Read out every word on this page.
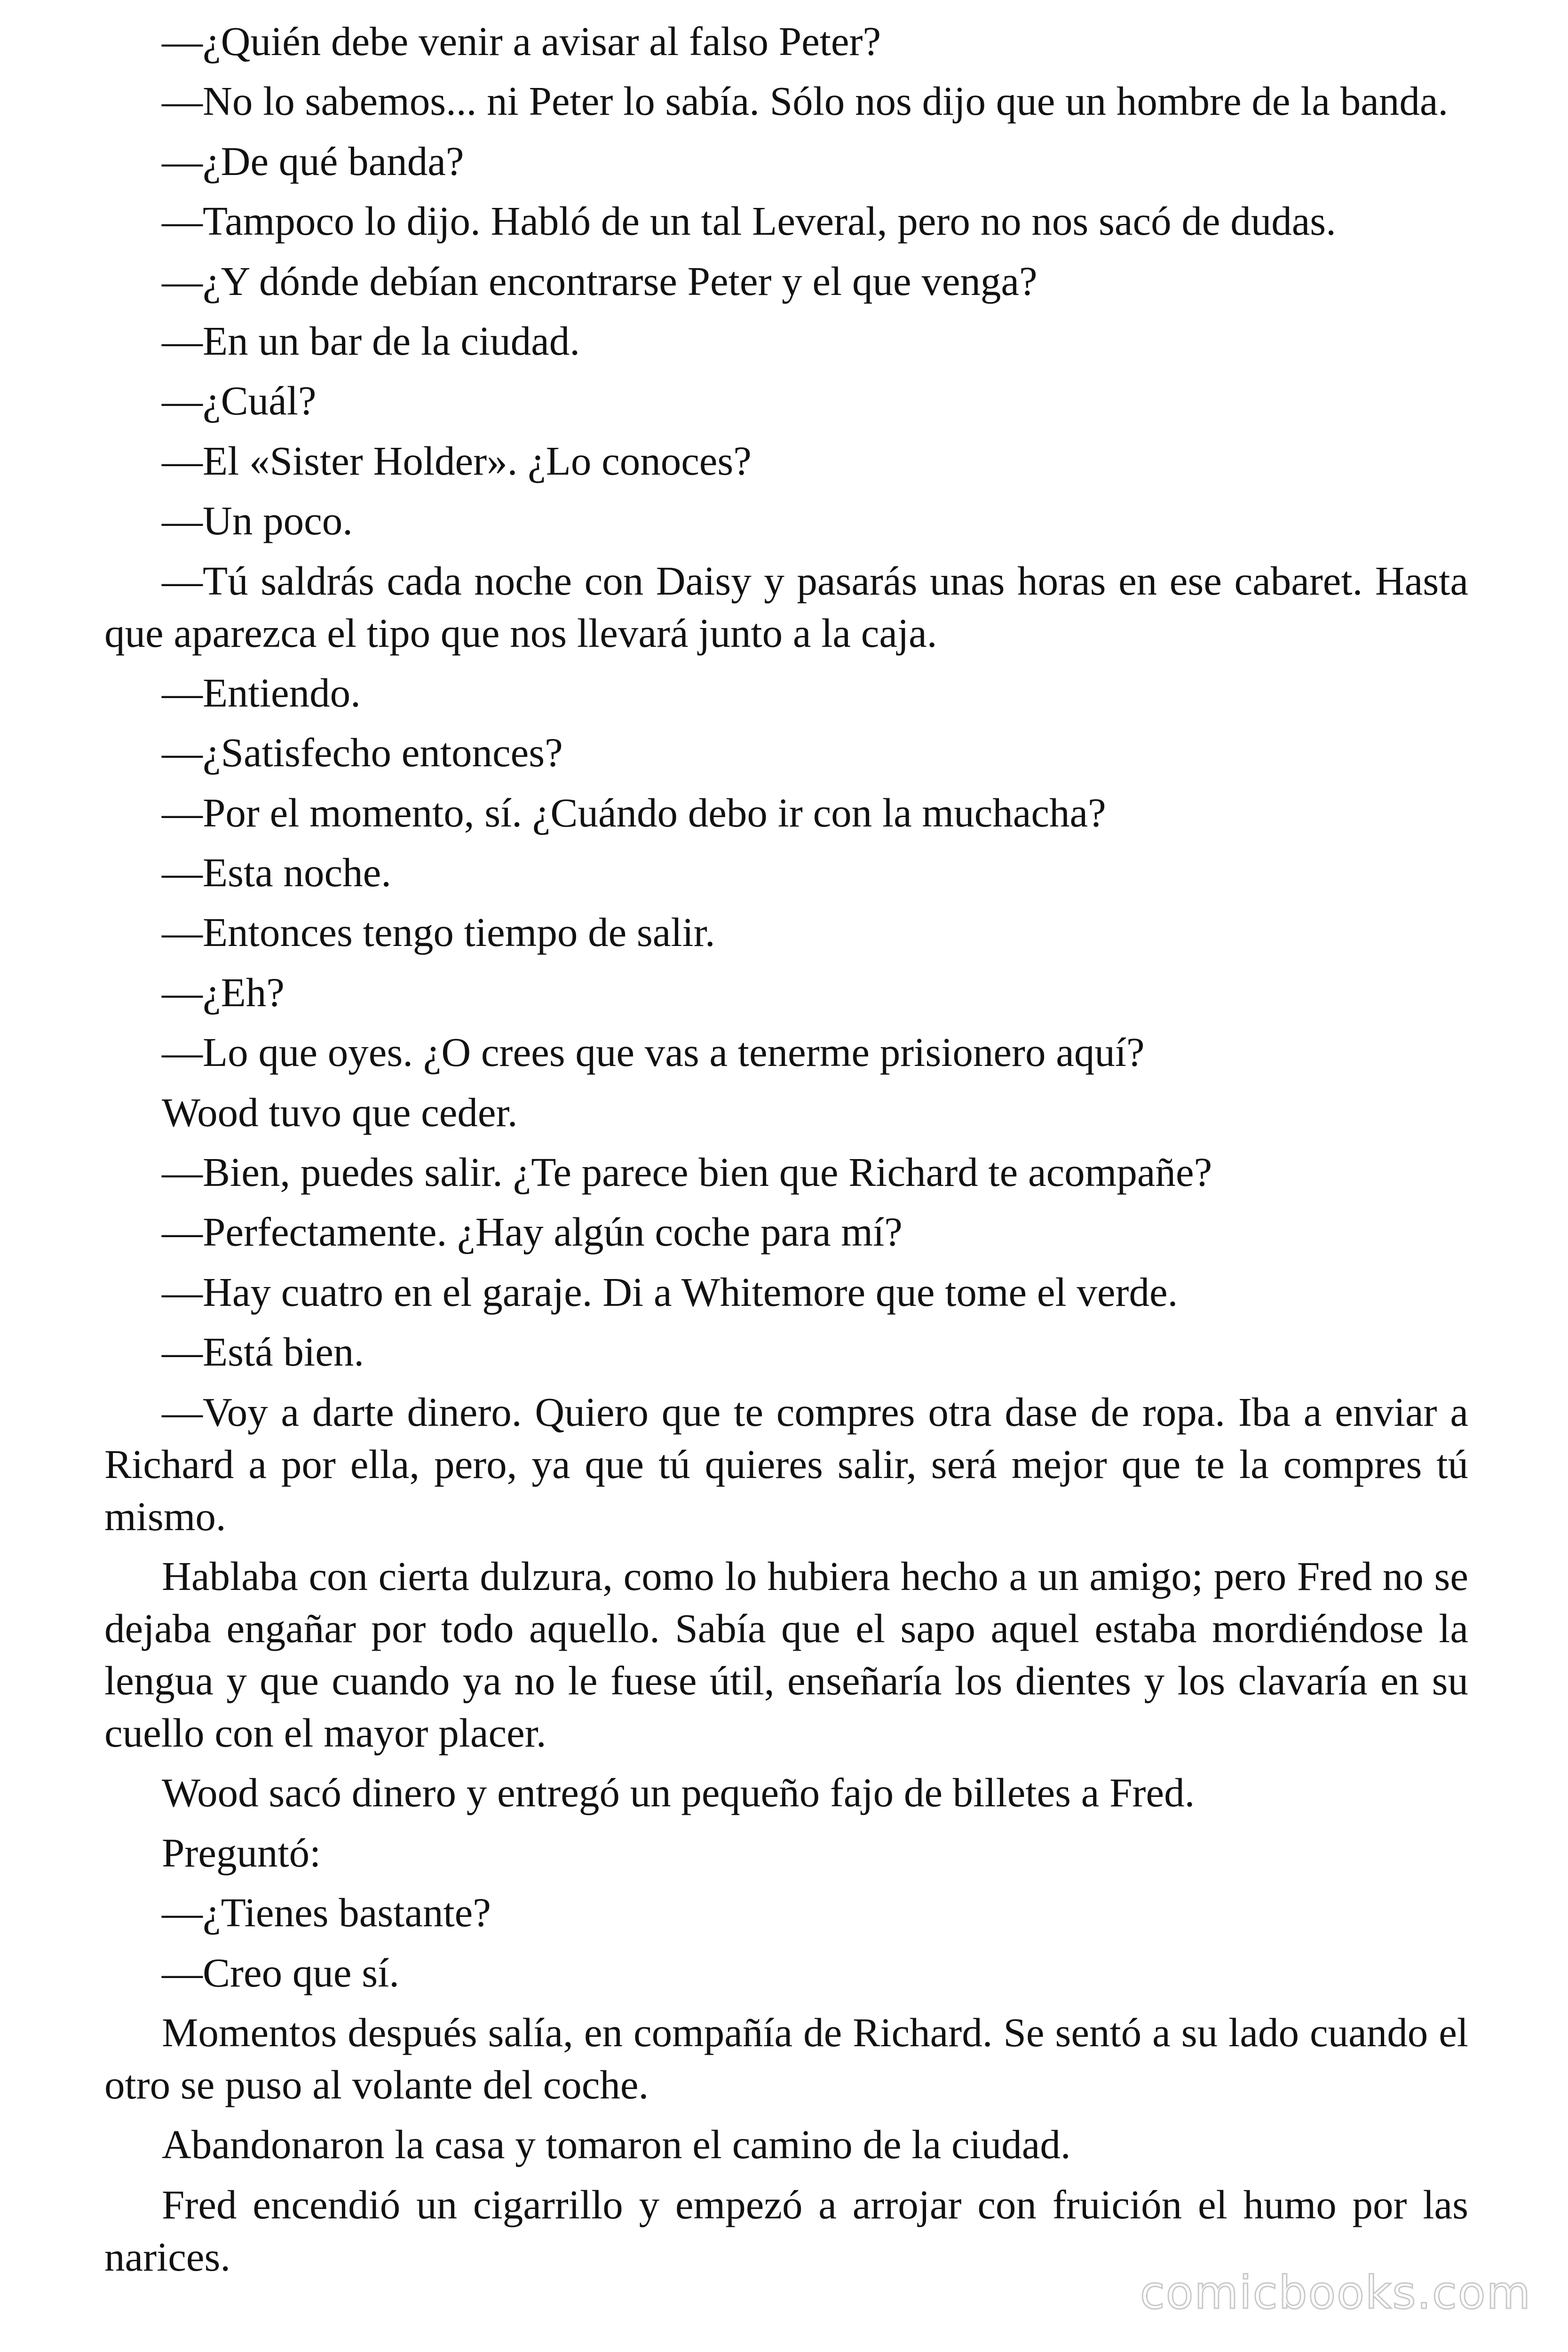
—¿Quién debe venir a avisar al falso Peter?

—No lo sabemos... ni Peter lo sabía. Sólo nos dijo que un hombre de la banda.

—¿De qué banda?

—Tampoco lo dijo. Habló de un tal Leveral, pero no nos sacó de dudas.

—¿Y dónde debían encontrarse Peter y el que venga?

—En un bar de la ciudad.

—¿Cuál?

—El «Sister Holder». ¿Lo conoces?

—Un poco.

—Tú saldrás cada noche con Daisy y pasarás unas horas en ese cabaret. Hasta que aparezca el tipo que nos llevará junto a la caja.

—Entiendo.

—¿Satisfecho entonces?

—Por el momento, sí. ¿Cuándo debo ir con la muchacha?

—Esta noche.

—Entonces tengo tiempo de salir.

—¿Eh?

—Lo que oyes. ¿O crees que vas a tenerme prisionero aquí?

Wood tuvo que ceder.

—Bien, puedes salir. ¿Te parece bien que Richard te acompañe?

—Perfectamente. ¿Hay algún coche para mí?

—Hay cuatro en el garaje. Di a Whitemore que tome el verde.

—Está bien.

—Voy a darte dinero. Quiero que te compres otra dase de ropa. Iba a enviar a Richard a por ella, pero, ya que tú quieres salir, será mejor que te la compres tú mismo.

Hablaba con cierta dulzura, como lo hubiera hecho a un amigo; pero Fred no se dejaba engañar por todo aquello. Sabía que el sapo aquel estaba mordiéndose la lengua y que cuando ya no le fuese útil, enseñaría los dientes y los clavaría en su cuello con el mayor placer.

Wood sacó dinero y entregó un pequeño fajo de billetes a Fred.

Preguntó:

—¿Tienes bastante?

—Creo que sí.

Momentos después salía, en compañía de Richard. Se sentó a su lado cuando el otro se puso al volante del coche.

Abandonaron la casa y tomaron el camino de la ciudad.

Fred encendió un cigarrillo y empezó a arrojar con fruición el humo por las narices.

comicbooks.com
